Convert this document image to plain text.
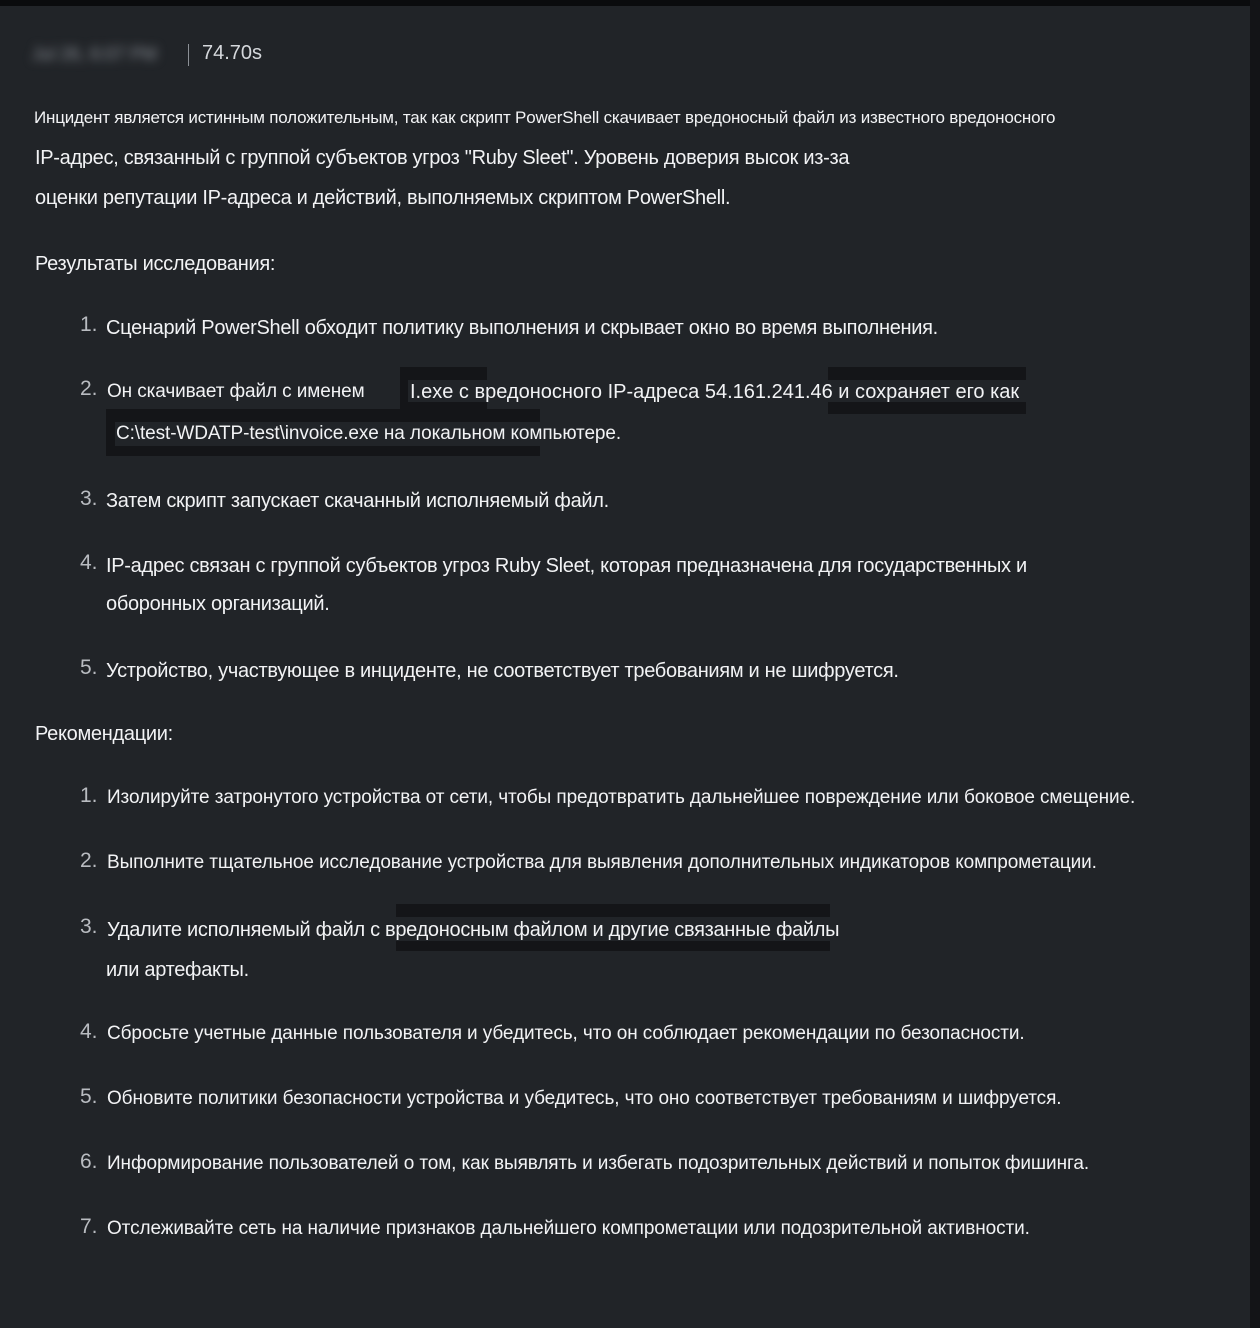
Jul 26, 6:07 PM	74.70s
Инцидент является истинным положительным, так как скрипт PowerShell скачивает вредоносный файл из известного вредоносного
IP-адрес, связанный с группой субъектов угроз "Ruby Sleet". Уровень доверия высок из-за
оценки репутации IP-адреса и действий, выполняемых скриптом PowerShell.
Результаты исследования:
1. Сценарий PowerShell обходит политику выполнения и скрывает окно во время выполнения.
2. Он скачивает файл с именем I.exe с вредоносного IP-адреса 54.161.241.46 и сохраняет его как
C:\test-WDATP-test\invoice.exe на локальном компьютере.
3. Затем скрипт запускает скачанный исполняемый файл.
4. IP-адрес связан с группой субъектов угроз Ruby Sleet, которая предназначена для государственных и
оборонных организаций.
5. Устройство, участвующее в инциденте, не соответствует требованиям и не шифруется.
Рекомендации:
1. Изолируйте затронутого устройства от сети, чтобы предотвратить дальнейшее повреждение или боковое смещение.
2. Выполните тщательное исследование устройства для выявления дополнительных индикаторов компрометации.
3. Удалите исполняемый файл с вредоносным файлом и другие связанные файлы
или артефакты.
4. Сбросьте учетные данные пользователя и убедитесь, что он соблюдает рекомендации по безопасности.
5. Обновите политики безопасности устройства и убедитесь, что оно соответствует требованиям и шифруется.
6. Информирование пользователей о том, как выявлять и избегать подозрительных действий и попыток фишинга.
7. Отслеживайте сеть на наличие признаков дальнейшего компрометации или подозрительной активности.
